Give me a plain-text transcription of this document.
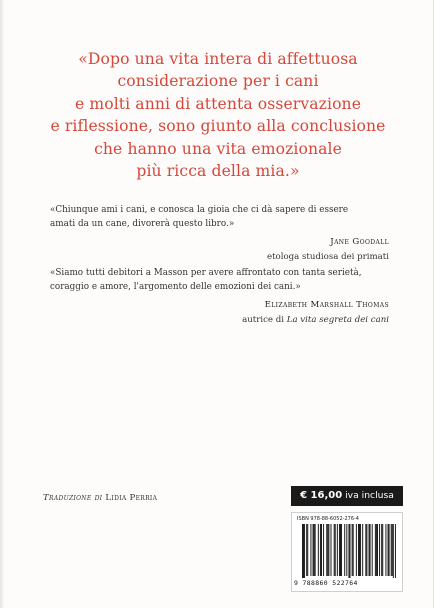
«Dopo una vita intera di affettuosa
considerazione per i cani
e molti anni di attenta osservazione
e riflessione, sono giunto alla conclusione
che hanno una vita emozionale
più ricca della mia.»
«Chiunque ami i cani, e conosca la gioia che ci dà sapere di essere
amati da un cane, divorerà questo libro.»
Jane Goodall
etologa studiosa dei primati
«Siamo tutti debitori a Masson per avere affrontato con tanta serietà,
coraggio e amore, l'argomento delle emozioni dei cani.»
Elizabeth Marshall Thomas
autrice di La vita segreta dei cani
Traduzione di Lidia Perria	€ 16,00 iva inclusa
ISBN 978-88-6052-276-4
9 788860 522764
